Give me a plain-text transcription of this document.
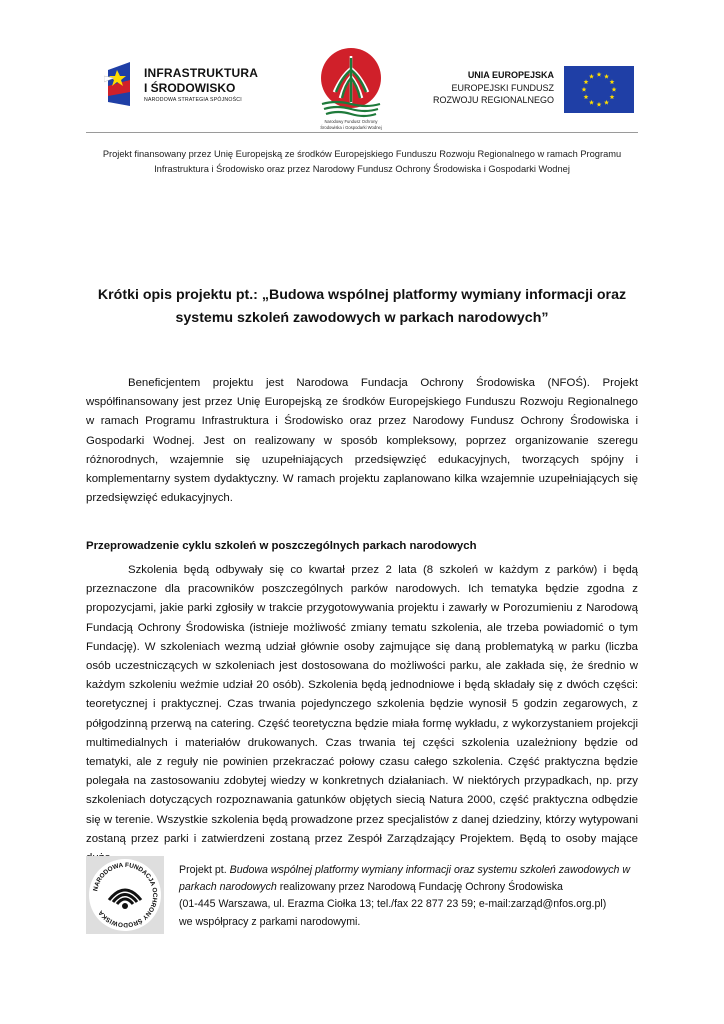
INFRASTRUKTURA
I ŚRODOWISKO
NARODOWA STRATEGIA SPÓJNOŚCI
Narodowy Fundusz Ochrony
Środowiska i Gospodarki Wodnej
UNIA EUROPEJSKA
EUROPEJSKI FUNDUSZ
ROZWOJU REGIONALNEGO
Projekt finansowany przez Unię Europejską ze środków Europejskiego Funduszu Rozwoju Regionalnego w ramach Programu
Infrastruktura i Środowisko oraz przez Narodowy Fundusz Ochrony Środowiska i Gospodarki Wodnej
Krótki opis projektu pt.: „Budowa wspólnej platformy wymiany informacji oraz
systemu szkoleń zawodowych w parkach narodowych”
Beneficjentem projektu jest Narodowa Fundacja Ochrony Środowiska (NFOŚ). Projekt współfinansowany jest przez Unię Europejską ze środków Europejskiego Funduszu Rozwoju Regionalnego w ramach Programu Infrastruktura i Środowisko oraz przez Narodowy Fundusz Ochrony Środowiska i Gospodarki Wodnej. Jest on realizowany w sposób kompleksowy, poprzez organizowanie szeregu różnorodnych, wzajemnie się uzupełniających przedsięwzięć edukacyjnych, tworzących spójny i komplementarny system dydaktyczny. W ramach projektu zaplanowano kilka wzajemnie uzupełniających się przedsięwzięć edukacyjnych.
Przeprowadzenie cyklu szkoleń w poszczególnych parkach narodowych
Szkolenia będą odbywały się co kwartał przez 2 lata (8 szkoleń w każdym z parków) i będą przeznaczone dla pracowników poszczególnych parków narodowych. Ich tematyka będzie zgodna z propozycjami, jakie parki zgłosiły w trakcie przygotowywania projektu i zawarły w Porozumieniu z Narodową Fundacją Ochrony Środowiska (istnieje możliwość zmiany tematu szkolenia, ale trzeba powiadomić o tym Fundację). W szkoleniach wezmą udział głównie osoby zajmujące się daną problematyką w parku (liczba osób uczestniczących w szkoleniach jest dostosowana do możliwości parku, ale zakłada się, że średnio w każdym szkoleniu weźmie udział 20 osób). Szkolenia będą jednodniowe i będą składały się z dwóch części: teoretycznej i praktycznej. Czas trwania pojedynczego szkolenia będzie wynosił 5 godzin zegarowych, z półgodzinną przerwą na catering. Część teoretyczna będzie miała formę wykładu, z wykorzystaniem projekcji multimedialnych i materiałów drukowanych. Czas trwania tej części szkolenia uzależniony będzie od tematyki, ale z reguły nie powinien przekraczać połowy czasu całego szkolenia. Część praktyczna będzie polegała na zastosowaniu zdobytej wiedzy w konkretnych działaniach. W niektórych przypadkach, np. przy szkoleniach dotyczących rozpoznawania gatunków objętych siecią Natura 2000, część praktyczna odbędzie się w terenie. Wszystkie szkolenia będą prowadzone przez specjalistów z danej dziedziny, którzy wytypowani zostaną przez parki i zatwierdzeni zostaną przez Zespół Zarządzający Projektem. Będą to osoby mające
NARODOWA FUNDACJA OCHRONY ŚRODOWISKA
Projekt pt. Budowa wspólnej platformy wymiany informacji oraz systemu szkoleń zawodowych w
parkach narodowych realizowany przez Narodową Fundację Ochrony Środowiska
(01-445 Warszawa, ul. Erazma Ciołka 13; tel./fax 22 877 23 59; e-mail:zarząd@nfos.org.pl)
we współpracy z parkami narodowymi.
